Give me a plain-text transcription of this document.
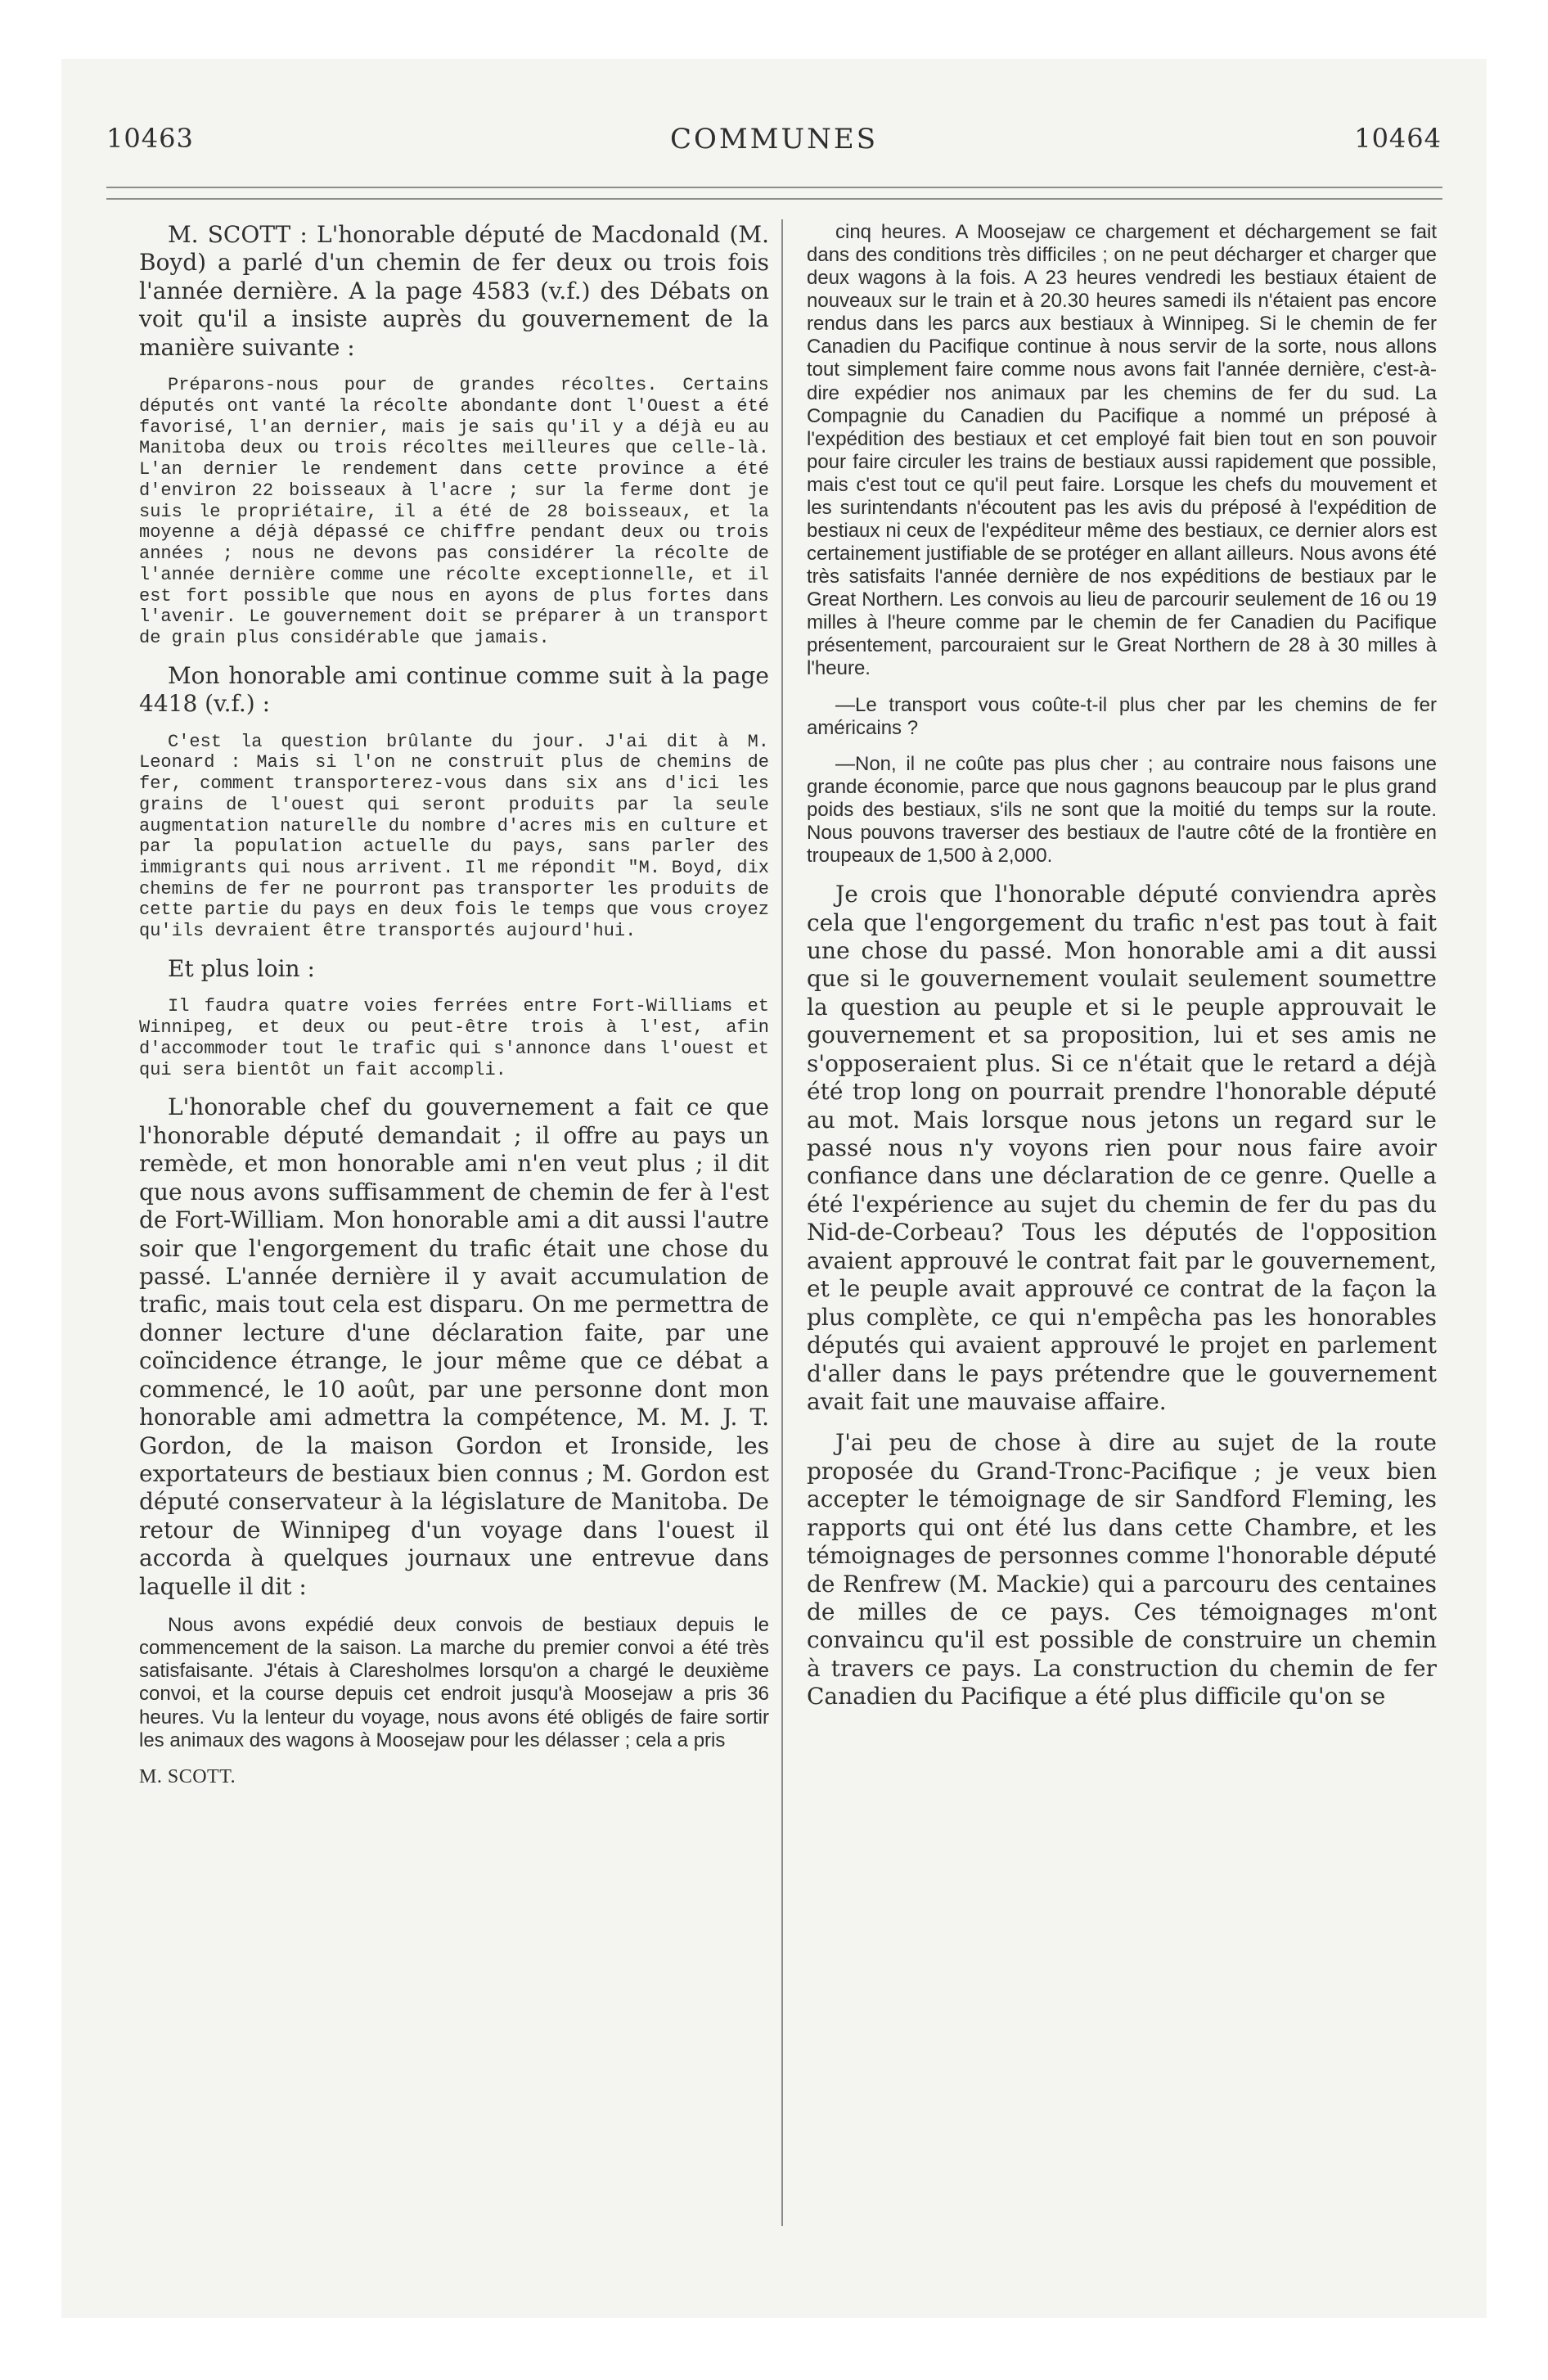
10463	COMMUNES	10464

M. SCOTT : L'honorable député de Macdonald (M. Boyd) a parlé d'un chemin de fer deux ou trois fois l'année dernière. A la page 4583 (v.f.) des Débats on voit qu'il a insiste auprès du gouvernement de la manière suivante :

Préparons-nous pour de grandes récoltes. Certains députés ont vanté la récolte abondante dont l'Ouest a été favorisé, l'an dernier, mais je sais qu'il y a déjà eu au Manitoba deux ou trois récoltes meilleures que celle-là. L'an dernier le rendement dans cette province a été d'environ 22 boisseaux à l'acre ; sur la ferme dont je suis le propriétaire, il a été de 28 boisseaux, et la moyenne a déjà dépassé ce chiffre pendant deux ou trois années ; nous ne devons pas considérer la récolte de l'année dernière comme une récolte exceptionnelle, et il est fort possible que nous en ayons de plus fortes dans l'avenir. Le gouvernement doit se préparer à un transport de grain plus considérable que jamais.

Mon honorable ami continue comme suit à la page 4418 (v.f.) :

C'est la question brûlante du jour. J'ai dit à M. Leonard : Mais si l'on ne construit plus de chemins de fer, comment transporterez-vous dans six ans d'ici les grains de l'ouest qui seront produits par la seule augmentation naturelle du nombre d'acres mis en culture et par la population actuelle du pays, sans parler des immigrants qui nous arrivent. Il me répondit "M. Boyd, dix chemins de fer ne pourront pas transporter les produits de cette partie du pays en deux fois le temps que vous croyez qu'ils devraient être transportés aujourd'hui.

Et plus loin :

Il faudra quatre voies ferrées entre Fort-Williams et Winnipeg, et deux ou peut-être trois à l'est, afin d'accommoder tout le trafic qui s'annonce dans l'ouest et qui sera bientôt un fait accompli.

L'honorable chef du gouvernement a fait ce que l'honorable député demandait ; il offre au pays un remède, et mon honorable ami n'en veut plus ; il dit que nous avons suffisamment de chemin de fer à l'est de Fort-William. Mon honorable ami a dit aussi l'autre soir que l'engorgement du trafic était une chose du passé. L'année dernière il y avait accumulation de trafic, mais tout cela est disparu. On me permettra de donner lecture d'une déclaration faite, par une coïncidence étrange, le jour même que ce débat a commencé, le 10 août, par une personne dont mon honorable ami admettra la compétence, M. M. J. T. Gordon, de la maison Gordon et Ironside, les exportateurs de bestiaux bien connus ; M. Gordon est député conservateur à la législature de Manitoba. De retour de Winnipeg d'un voyage dans l'ouest il accorda à quelques journaux une entrevue dans laquelle il dit :

Nous avons expédié deux convois de bestiaux depuis le commencement de la saison. La marche du premier convoi a été très satisfaisante. J'étais à Claresholmes lorsqu'on a chargé le deuxième convoi, et la course depuis cet endroit jusqu'à Moosejaw a pris 36 heures. Vu la lenteur du voyage, nous avons été obligés de faire sortir les animaux des wagons à Moosejaw pour les délasser ; cela a pris

M. SCOTT.

cinq heures. A Moosejaw ce chargement et déchargement se fait dans des conditions très difficiles ; on ne peut décharger et charger que deux wagons à la fois. A 23 heures vendredi les bestiaux étaient de nouveaux sur le train et à 20.30 heures samedi ils n'étaient pas encore rendus dans les parcs aux bestiaux à Winnipeg. Si le chemin de fer Canadien du Pacifique continue à nous servir de la sorte, nous allons tout simplement faire comme nous avons fait l'année dernière, c'est-à-dire expédier nos animaux par les chemins de fer du sud. La Compagnie du Canadien du Pacifique a nommé un préposé à l'expédition des bestiaux et cet employé fait bien tout en son pouvoir pour faire circuler les trains de bestiaux aussi rapidement que possible, mais c'est tout ce qu'il peut faire. Lorsque les chefs du mouvement et les surintendants n'écoutent pas les avis du préposé à l'expédition de bestiaux ni ceux de l'expéditeur même des bestiaux, ce dernier alors est certainement justifiable de se protéger en allant ailleurs. Nous avons été très satisfaits l'année dernière de nos expéditions de bestiaux par le Great Northern. Les convois au lieu de parcourir seulement de 16 ou 19 milles à l'heure comme par le chemin de fer Canadien du Pacifique présentement, parcouraient sur le Great Northern de 28 à 30 milles à l'heure.

—Le transport vous coûte-t-il plus cher par les chemins de fer américains ?

—Non, il ne coûte pas plus cher ; au contraire nous faisons une grande économie, parce que nous gagnons beaucoup par le plus grand poids des bestiaux, s'ils ne sont que la moitié du temps sur la route. Nous pouvons traverser des bestiaux de l'autre côté de la frontière en troupeaux de 1,500 à 2,000.

Je crois que l'honorable député conviendra après cela que l'engorgement du trafic n'est pas tout à fait une chose du passé. Mon honorable ami a dit aussi que si le gouvernement voulait seulement soumettre la question au peuple et si le peuple approuvait le gouvernement et sa proposition, lui et ses amis ne s'opposeraient plus. Si ce n'était que le retard a déjà été trop long on pourrait prendre l'honorable député au mot. Mais lorsque nous jetons un regard sur le passé nous n'y voyons rien pour nous faire avoir confiance dans une déclaration de ce genre. Quelle a été l'expérience au sujet du chemin de fer du pas du Nid-de-Corbeau? Tous les députés de l'opposition avaient approuvé le contrat fait par le gouvernement, et le peuple avait approuvé ce contrat de la façon la plus complète, ce qui n'empêcha pas les honorables députés qui avaient approuvé le projet en parlement d'aller dans le pays prétendre que le gouvernement avait fait une mauvaise affaire.

J'ai peu de chose à dire au sujet de la route proposée du Grand-Tronc-Pacifique ; je veux bien accepter le témoignage de sir Sandford Fleming, les rapports qui ont été lus dans cette Chambre, et les témoignages de personnes comme l'honorable député de Renfrew (M. Mackie) qui a parcouru des centaines de milles de ce pays. Ces témoignages m'ont convaincu qu'il est possible de construire un chemin à travers ce pays. La construction du chemin de fer Canadien du Pacifique a été plus difficile qu'on se
